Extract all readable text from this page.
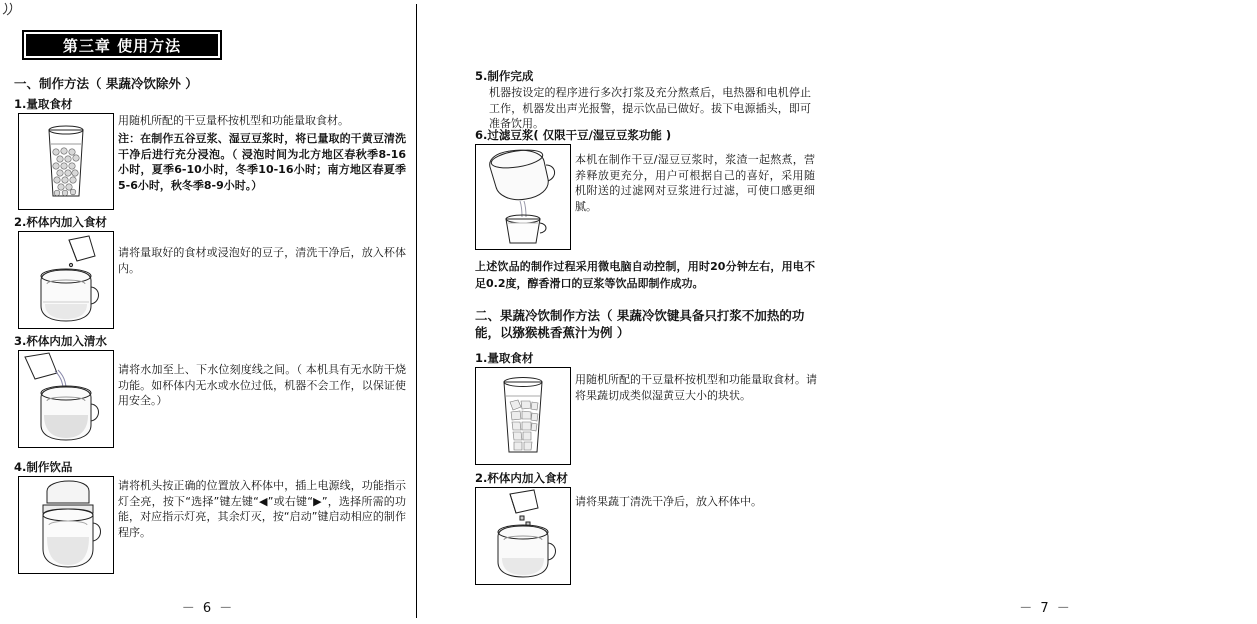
第三章 使用方法
一、制作方法（ 果蔬冷饮除外 ）
1.量取食材
用随机所配的干豆量杯按机型和功能量取食材。
注：在制作五谷豆浆、湿豆豆浆时，将已量取的干黄豆清洗干净后进行充分浸泡。（ 浸泡时间为北方地区春秋季8-16小时，夏季6-10小时，冬季10-16小时；南方地区春夏季5-6小时，秋冬季8-9小时。）
2.杯体内加入食材
请将量取好的食材或浸泡好的豆子，清洗干净后，放入杯体内。
3.杯体内加入清水
请将水加至上、下水位刻度线之间。（ 本机具有无水防干烧功能。如杯体内无水或水位过低，机器不会工作，以保证使用安全。）
4.制作饮品
请将机头按正确的位置放入杯体中，插上电源线，功能指示灯全亮，按下“选择”键左键“◀”或右键“▶”，选择所需的功能，对应指示灯亮，其余灯灭，按“启动”键启动相应的制作程序。
－ 6 －
5.制作完成
机器按设定的程序进行多次打浆及充分熬煮后，电热器和电机停止工作，机器发出声光报警，提示饮品已做好。拔下电源插头，即可准备饮用。
6.过滤豆浆( 仅限干豆/湿豆豆浆功能 )
本机在制作干豆/湿豆豆浆时，浆渣一起熬煮，营养释放更充分，用户可根据自己的喜好，采用随机附送的过滤网对豆浆进行过滤，可使口感更细腻。
上述饮品的制作过程采用微电脑自动控制，用时20分钟左右，用电不足0.2度，醇香滑口的豆浆等饮品即制作成功。
二、果蔬冷饮制作方法（ 果蔬冷饮键具备只打浆不加热的功能，以猕猴桃香蕉汁为例 ）
1.量取食材
用随机所配的干豆量杯按机型和功能量取食材。请将果蔬切成类似湿黄豆大小的块状。
2.杯体内加入食材
请将果蔬丁清洗干净后，放入杯体中。
－ 7 －
